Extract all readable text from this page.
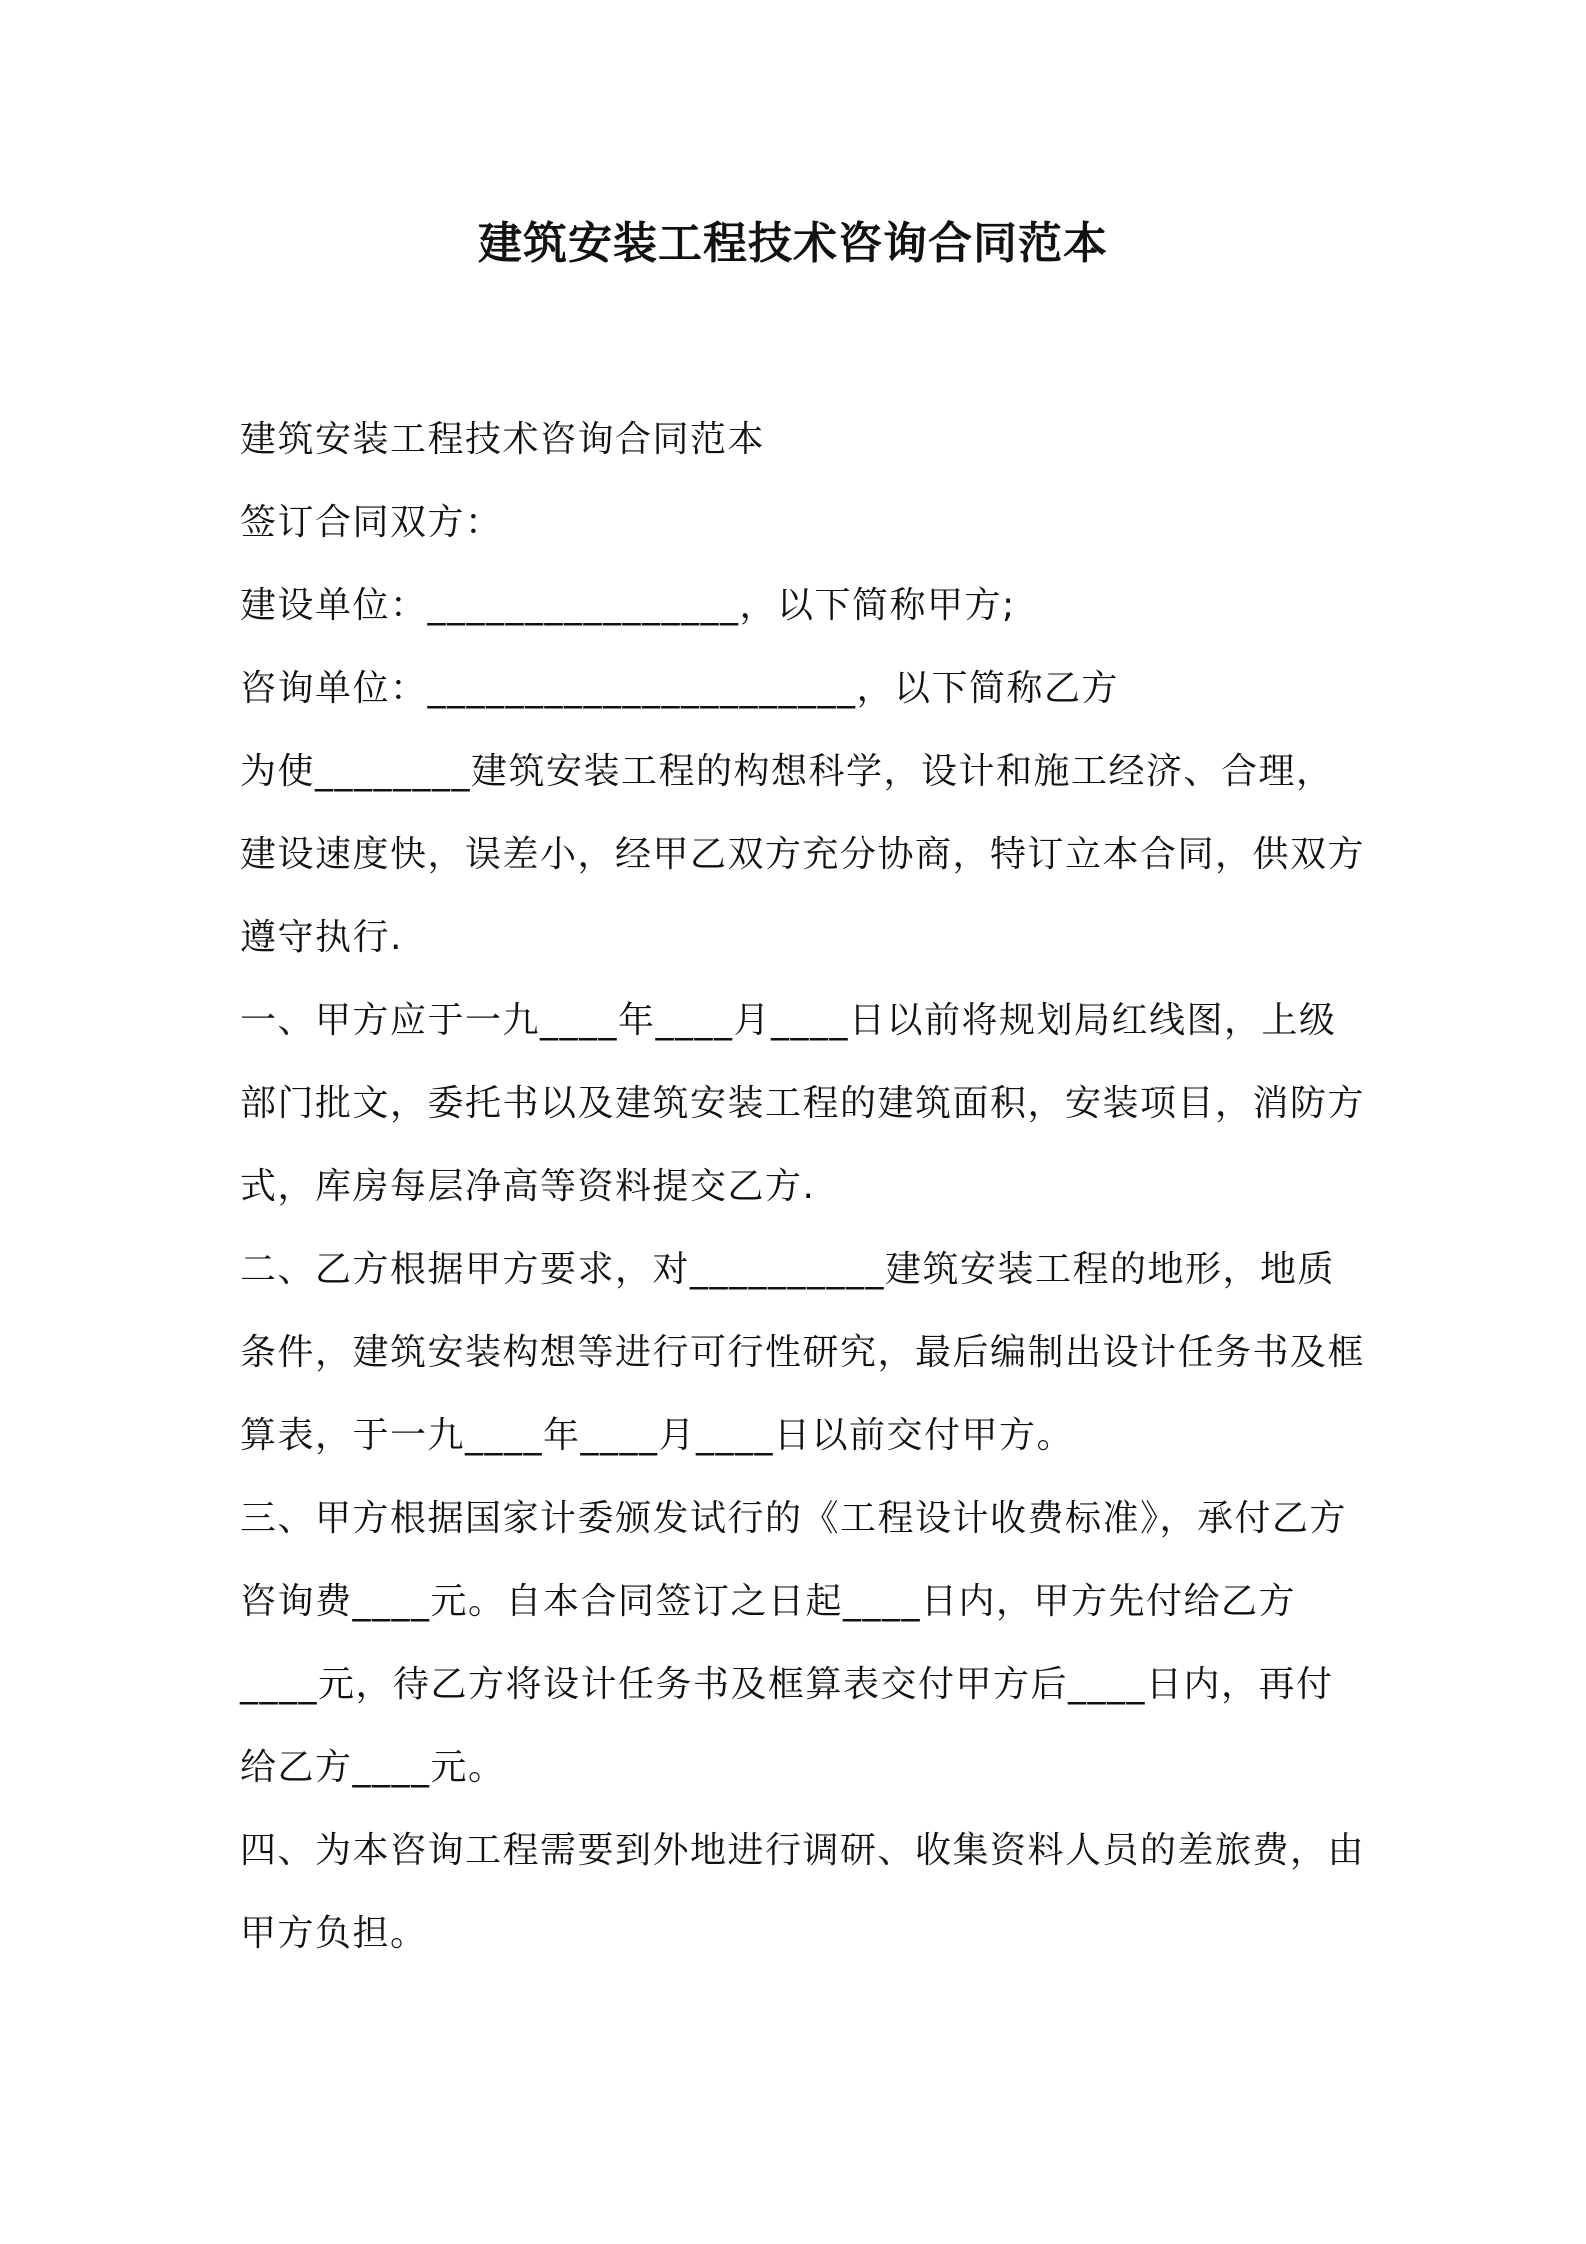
建筑安装工程技术咨询合同范本
建筑安装工程技术咨询合同范本
签订合同双方：
建设单位：________________，以下简称甲方;
咨询单位：______________________，以下简称乙方
为使________建筑安装工程的构想科学，设计和施工经济、合理，
建设速度快，误差小，经甲乙双方充分协商，特订立本合同，供双方
遵守执行.
一、甲方应于一九____年____月____日以前将规划局红线图，上级
部门批文，委托书以及建筑安装工程的建筑面积，安装项目，消防方
式，库房每层净高等资料提交乙方.
二、乙方根据甲方要求，对__________建筑安装工程的地形，地质
条件，建筑安装构想等进行可行性研究，最后编制出设计任务书及框
算表，于一九____年____月____日以前交付甲方。
三、甲方根据国家计委颁发试行的《工程设计收费标准》，承付乙方
咨询费____元。自本合同签订之日起____日内，甲方先付给乙方
____元，待乙方将设计任务书及框算表交付甲方后____日内，再付
给乙方____元。
四、为本咨询工程需要到外地进行调研、收集资料人员的差旅费，由
甲方负担。
